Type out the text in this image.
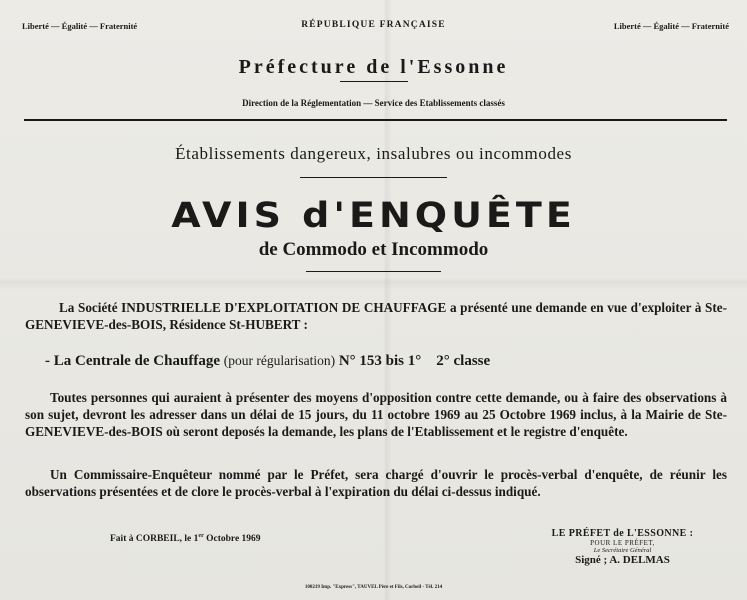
Liberté — Égalité — Fraternité	RÉPUBLIQUE FRANÇAISE	Liberté — Égalité — Fraternité
Préfecture de l'Essonne
Direction de la Réglementation — Service des Etablissements classés
Établissements dangereux, insalubres ou incommodes
AVIS d'ENQUÊTE
de Commodo et Incommodo
La Société INDUSTRIELLE D'EXPLOITATION DE CHAUFFAGE a présenté une demande en vue d'exploiter à Ste-GENEVIEVE-des-BOIS, Résidence St-HUBERT :
- La Centrale de Chauffage (pour régularisation) N° 153 bis 1° 2° classe
Toutes personnes qui auraient à présenter des moyens d'opposition contre cette demande, ou à faire des observations à son sujet, devront les adresser dans un délai de 15 jours, du 11 octobre 1969 au 25 Octobre 1969 inclus, à la Mairie de Ste-GENEVIEVE-des-BOIS où seront deposés la demande, les plans de l'Etablissement et le registre d'enquête.
Un Commissaire-Enquêteur nommé par le Préfet, sera chargé d'ouvrir le procès-verbal d'enquête, de réunir les observations présentées et de clore le procès-verbal à l'expiration du délai ci-dessus indiqué.
Fait à CORBEIL, le 1er Octobre 1969
LE PRÉFET de L'ESSONNE :
POUR LE PRÉFET,
Le Secrétaire Général
Signé ; A. DELMAS
100219 Imp. "Express", TAUVEL Père et Fils, Corbeil - Tél. 214
